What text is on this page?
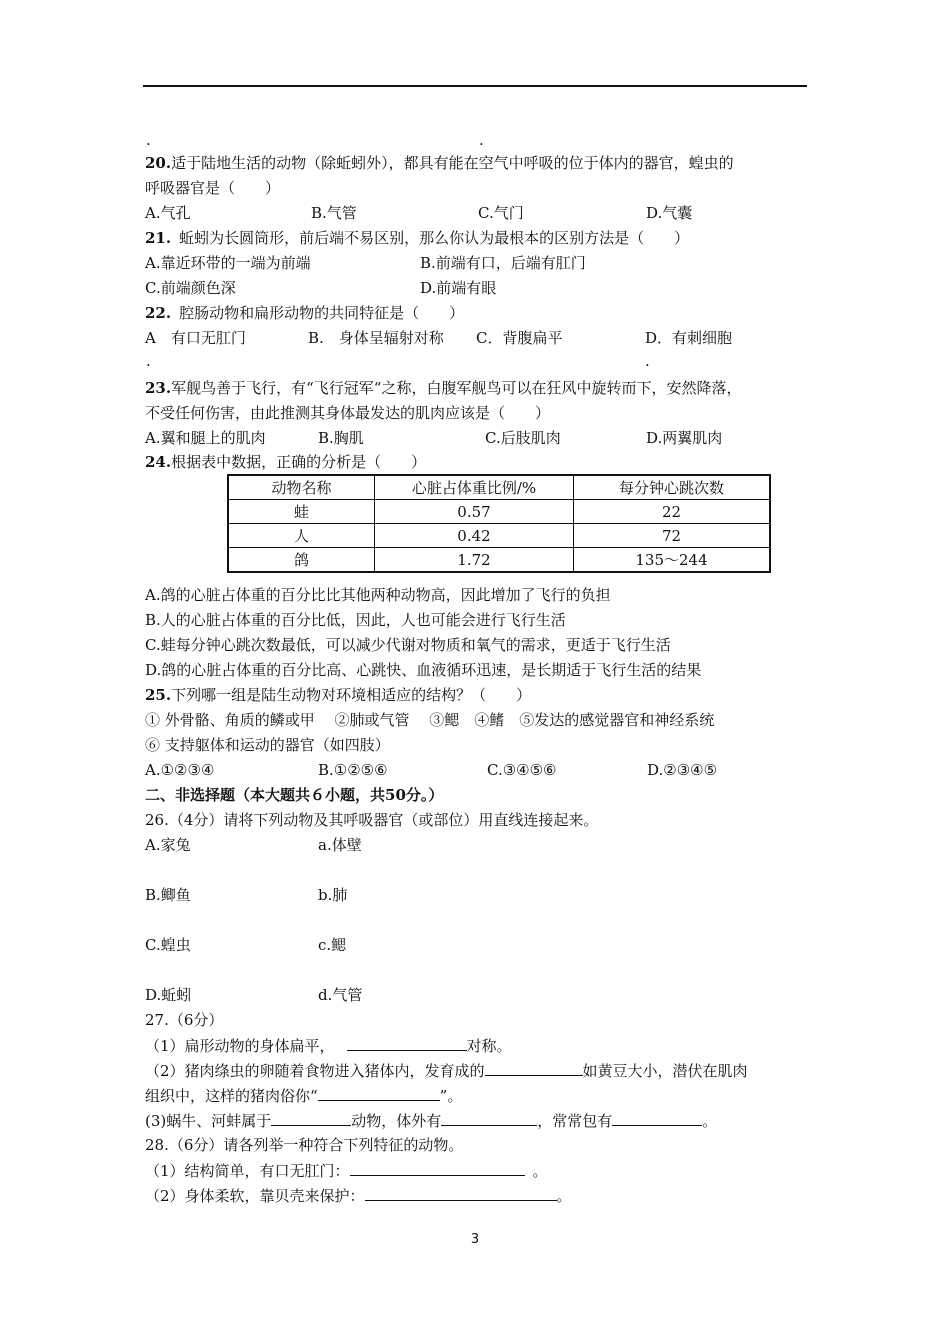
.	.
20.适于陆地生活的动物（除蚯蚓外），都具有能在空气中呼吸的位于体内的器官，蝗虫的
呼吸器官是（　　）
A.气孔	B.气管	C.气门	D.气囊
21. 蚯蚓为长圆筒形，前后端不易区别，那么你认为最根本的区别方法是（　　）
A.靠近环带的一端为前端	B.前端有口，后端有肛门
C.前端颜色深	D.前端有眼
22. 腔肠动物和扁形动物的共同特征是（　　）
A　有口无肛门	B.　身体呈辐射对称 C．背腹扁平	D．有刺细胞
.	.
23.军舰鸟善于飞行，有“飞行冠军“之称，白腹军舰鸟可以在狂风中旋转而下，安然降落，
不受任何伤害，由此推测其身体最发达的肌肉应该是（　　）
A.翼和腿上的肌肉	B.胸肌	C.后肢肌肉	D.两翼肌肉
24.根据表中数据，正确的分析是（　　）
动物名称	心脏占体重比例/%	每分钟心跳次数
蛙	0.57	22
人	0.42	72
鸽	1.72	135～244
A.鸽的心脏占体重的百分比比其他两种动物高，因此增加了飞行的负担
B.人的心脏占体重的百分比低，因此，人也可能会进行飞行生活
C.蛙每分钟心跳次数最低，可以减少代谢对物质和氧气的需求，更适于飞行生活
D.鸽的心脏占体重的百分比高、心跳快、血液循环迅速，是长期适于飞行生活的结果
25.下列哪一组是陆生动物对环境相适应的结构？（　　）
① 外骨骼、角质的鳞或甲　 ②肺或气管　 ③鳃　④鳍　⑤发达的感觉器官和神经系统
⑥ 支持躯体和运动的器官（如四肢）
A.①②③④	B.①②⑤⑥	C.③④⑤⑥	D.②③④⑤
二、非选择题（本大题共６小题，共50分。）
26.（4分）请将下列动物及其呼吸器官（或部位）用直线连接起来。
A.家兔	a.体壁
B.鲫鱼	b.肺
C.蝗虫	c.鳃
D.蚯蚓	d.气管
27.（6分）
（1）扁形动物的身体扁平，	对称。
（2）猪肉绦虫的卵随着食物进入猪体内，发育成的	如黄豆大小，潜伏在肌肉
组织中，这样的猪肉俗你“	”。
(3)蜗牛、河蚌属于	动物，体外有	，常常包有	。
28.（6分）请各列举一种符合下列特征的动物。
（1）结构简单，有口无肛门：	。
（2）身体柔软，靠贝壳来保护：	。
3
